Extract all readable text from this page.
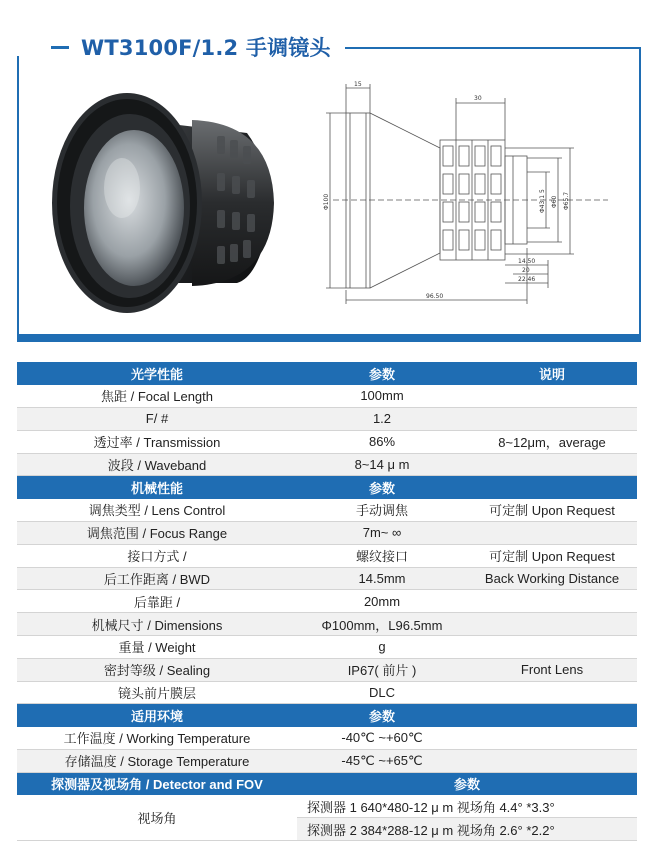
WT3100F/1.2 手调镜头
15
30
Φ100	Φ43.1 5 Φ60 Φ65.7
14.50
20
22.46
96.50
光学性能	参数	说明
焦距 / Focal Length	100mm	
F/ #	1.2	
透过率 / Transmission	86%	8~12μm，average
波段 / Waveband	8~14 μ m	
机械性能	参数	
调焦类型 / Lens Control	手动调焦	可定制 Upon Request
调焦范围 / Focus Range	7m~ ∞	
接口方式 /	螺纹接口	可定制 Upon Request
后工作距离 / BWD	14.5mm	Back Working Distance
后靠距 /	20mm	
机械尺寸 / Dimensions	Φ100mm，L96.5mm	
重量 / Weight	g	
密封等级 / Sealing	IP67( 前片 )	Front Lens
镜头前片膜层	DLC	
适用环境	参数	
工作温度 / Working Temperature	-40℃ ~+60℃	
存储温度 / Storage Temperature	-45℃ ~+65℃	
探测器及视场角 / Detector and FOV	参数	
视场角	探测器 1 640*480-12 μ m 视场角 4.4° *3.3°	
	探测器 2 384*288-12 μ m 视场角 2.6° *2.2°	
